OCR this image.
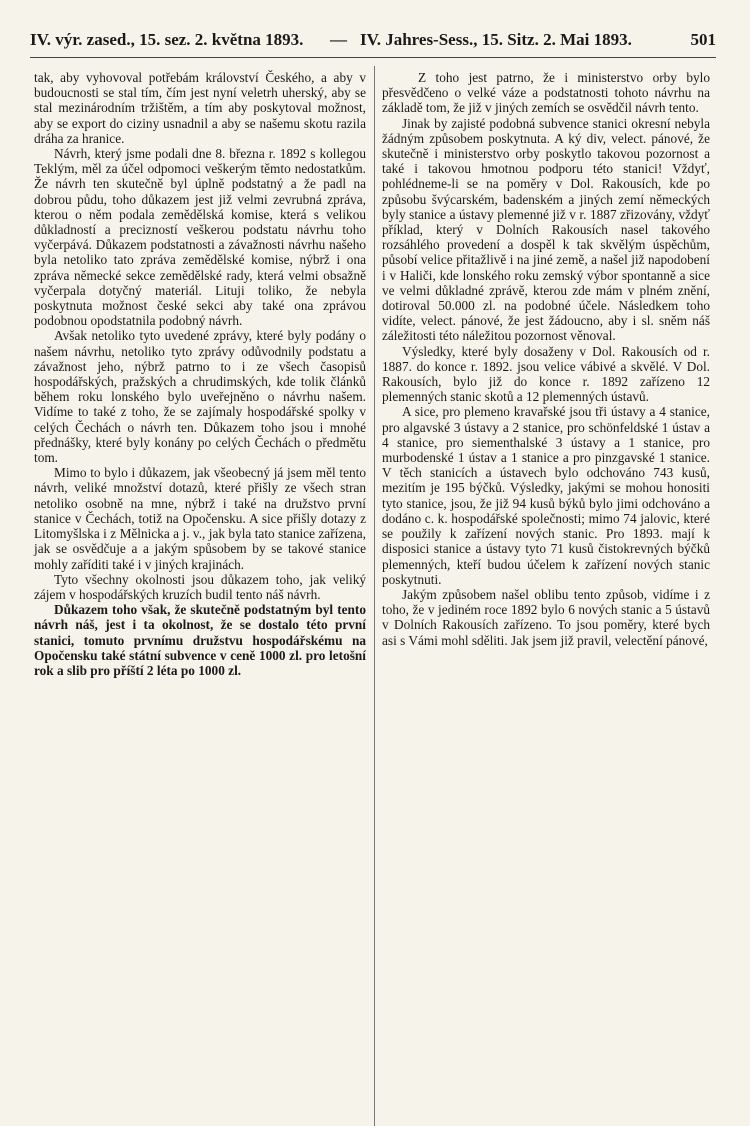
IV. výr. zased., 15. sez. 2. května 1893. — IV. Jahres-Sess., 15. Sitz. 2. Mai 1893.	501

tak, aby vyhovoval potřebám království Českého, a aby v budoucnosti se stal tím, čím jest nyní veletrh uherský, aby se stal mezinárodním tržištěm, a tím aby poskytoval možnost, aby se export do ciziny usnadnil a aby se našemu skotu razila dráha za hranice.

Návrh, který jsme podali dne 8. března r. 1892 s kollegou Teklým, měl za účel odpomoci veškerým těmto nedostatkům. Že návrh ten skutečně byl úplně podstatný a že padl na dobrou půdu, toho důkazem jest již velmi zevrubná zpráva, kterou o něm podala zemědělská komise, která s velikou důkladností a precizností veškerou podstatu návrhu toho vyčerpává. Důkazem podstatnosti a závažnosti návrhu našeho byla netoliko tato zpráva zemědělské komise, nýbrž i ona zpráva německé sekce zemědělské rady, která velmi obsažně vyčerpala dotyčný materiál. Lituji toliko, že nebyla poskytnuta možnost české sekci aby také ona zprávou podobnou opodstatnila podobný návrh.

Avšak netoliko tyto uvedené zprávy, které byly podány o našem návrhu, netoliko tyto zprávy odůvodnily podstatu a závažnost jeho, nýbrž patrno to i ze všech časopisů hospodářských, pražských a chrudimských, kde tolik článků během roku lonského bylo uveřejněno o návrhu našem. Vidíme to také z toho, že se zajímaly hospodářské spolky v celých Čechách o návrh ten. Důkazem toho jsou i mnohé přednášky, které byly konány po celých Čechách o předmětu tom.

Mimo to bylo i důkazem, jak všeobecný já jsem měl tento návrh, veliké množství dotazů, které přišly ze všech stran netoliko osobně na mne, nýbrž i také na družstvo první stanice v Čechách, totiž na Opočensku. A sice přišly dotazy z Litomyšlska i z Mělnicka a j. v., jak byla tato stanice zařízena, jak se osvědčuje a a jakým spůsobem by se takové stanice mohly zaříditi také i v jiných krajinách.

Tyto všechny okolnosti jsou důkazem toho, jak veliký zájem v hospodářských kruzích budil tento náš návrh.

Důkazem toho však, že skutečně podstatným byl tento návrh náš, jest i ta okolnost, že se dostalo této první stanici, tomuto prvnímu družstvu hospodářskému na Opočensku také státní subvence v ceně 1000 zl. pro letošní rok a slib pro příští 2 léta po 1000 zl.

Z toho jest patrno, že i ministerstvo orby bylo přesvědčeno o velké váze a podstatnosti tohoto návrhu na základě tom, že již v jiných zemích se osvědčil návrh tento.

Jinak by zajisté podobná subvence stanici okresní nebyla žádným způsobem poskytnuta. A ký div, velect. pánové, že skutečně i ministerstvo orby poskytlo takovou pozornost a také i takovou hmotnou podporu této stanici! Vždyť, pohlédneme-li se na poměry v Dol. Rakousích, kde po způsobu švýcarském, badenském a jiných zemí německých byly stanice a ústavy plemenné již v r. 1887 zřizovány, vždyť příklad, který v Dolních Rakousích nasel takového rozsáhlého provedení a dospěl k tak skvělým úspěchům, působí velice přitažlivě i na jiné země, a našel již napodobení i v Haliči, kde lonského roku zemský výbor spontanně a sice ve velmi důkladné zprávě, kterou zde mám v plném znění, dotiroval 50.000 zl. na podobné účele. Následkem toho vidíte, velect. pánové, že jest žádoucno, aby i sl. sněm náš záležitosti této náležitou pozornost věnoval.

Výsledky, které byly dosaženy v Dol. Rakousích od r. 1887. do konce r. 1892. jsou velice vábivé a skvělé. V Dol. Rakousích, bylo již do konce r. 1892 zařízeno 12 plemenných stanic skotů a 12 plemenných ústavů.

A sice, pro plemeno kravařské jsou tři ústavy a 4 stanice, pro algavské 3 ústavy a 2 stanice, pro schönfeldské 1 ústav a 4 stanice, pro siementhalské 3 ústavy a 1 stanice, pro murbodenské 1 ústav a 1 stanice a pro pinzgavské 1 stanice. V těch stanicích a ústavech bylo odchováno 743 kusů, mezitím je 195 býčků. Výsledky, jakými se mohou honositi tyto stanice, jsou, že již 94 kusů býků bylo jimi odchováno a dodáno c. k. hospodářské společnosti; mimo 74 jalovic, které se použily k zařízení nových stanic. Pro 1893. mají k disposici stanice a ústavy tyto 71 kusů čistokrevných býčků plemenných, kteří budou účelem k zařízení nových stanic poskytnuti.

Jakým způsobem našel oblibu tento způsob, vidíme i z toho, že v jediném roce 1892 bylo 6 nových stanic a 5 ústavů v Dolních Rakousích zařízeno. To jsou poměry, které bych asi s Vámi mohl sděliti. Jak jsem již pravil, velectění pánové,
